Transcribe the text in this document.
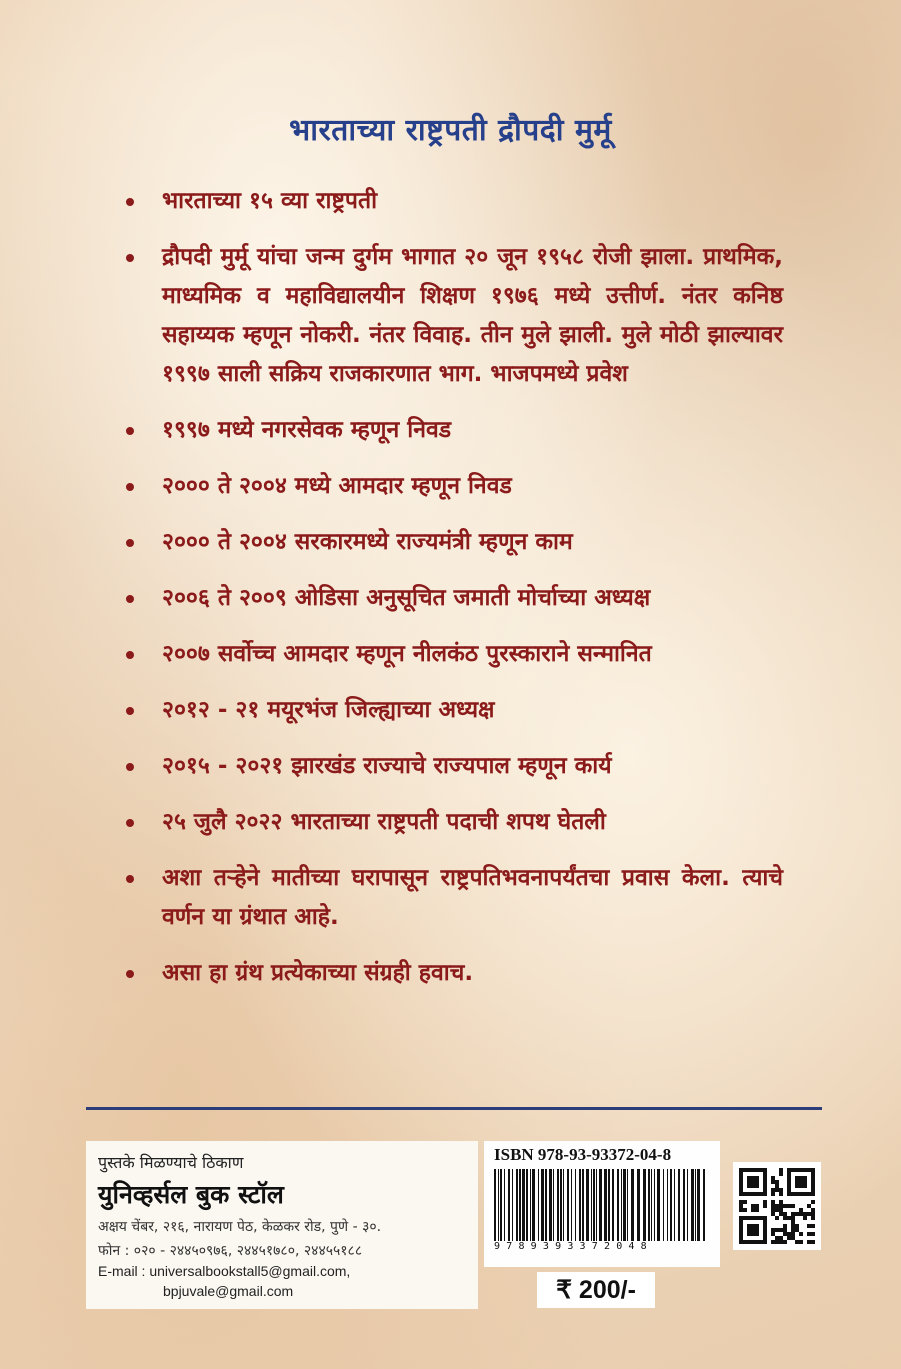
भारताच्या राष्ट्रपती द्रौपदी मुर्मू
भारताच्या १५ व्या राष्ट्रपती
द्रौपदी मुर्मू यांचा जन्म दुर्गम भागात २० जून १९५८ रोजी झाला. प्राथमिक, माध्यमिक व महाविद्यालयीन शिक्षण १९७६ मध्ये उत्तीर्ण. नंतर कनिष्ठ सहाय्यक म्हणून नोकरी. नंतर विवाह. तीन मुले झाली. मुले मोठी झाल्यावर १९९७ साली सक्रिय राजकारणात भाग. भाजपमध्ये प्रवेश
१९९७ मध्ये नगरसेवक म्हणून निवड
२००० ते २००४ मध्ये आमदार म्हणून निवड
२००० ते २००४ सरकारमध्ये राज्यमंत्री म्हणून काम
२००६ ते २००९ ओडिसा अनुसूचित जमाती मोर्चाच्या अध्यक्ष
२००७ सर्वोच्च आमदार म्हणून नीलकंठ पुरस्काराने सन्मानित
२०१२ - २१ मयूरभंज जिल्ह्याच्या अध्यक्ष
२०१५ - २०२१ झारखंड राज्याचे राज्यपाल म्हणून कार्य
२५ जुलै २०२२ भारताच्या राष्ट्रपती पदाची शपथ घेतली
अशा तऱ्हेने मातीच्या घरापासून राष्ट्रपतिभवनापर्यंतचा प्रवास केला. त्याचे वर्णन या ग्रंथात आहे.
असा हा ग्रंथ प्रत्येकाच्या संग्रही हवाच.
पुस्तके मिळण्याचे ठिकाण
युनिव्हर्सल बुक स्टॉल
अक्षय चेंबर, २१६, नारायण पेठ, केळकर रोड, पुणे - ३०.
फोन : ०२० - २४४५०९७६, २४४५१७८०, २४४५५१८८
E-mail : universalbookstall5@gmail.com,
bpjuvale@gmail.com
ISBN 978-93-93372-04-8
9789393372048
₹ 200/-
